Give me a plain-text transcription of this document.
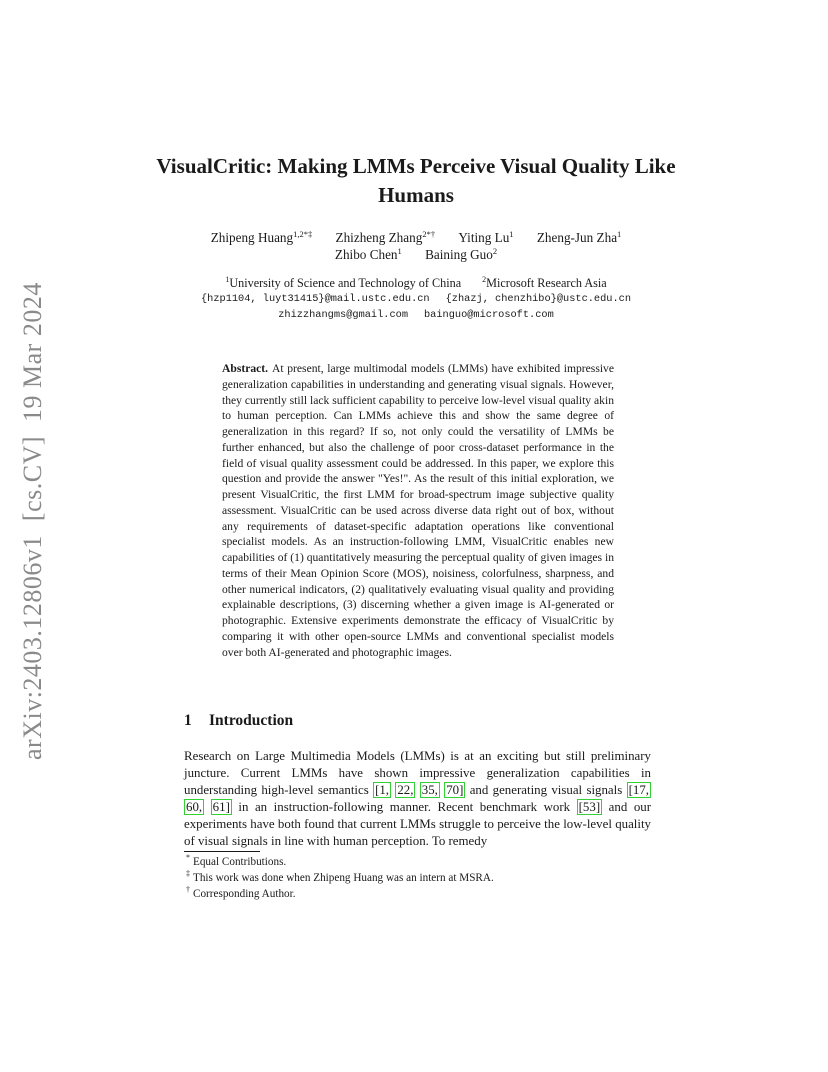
arXiv:2403.12806v1[cs.CV]19 Mar 2024
VisualCritic: Making LMMs Perceive Visual Quality Like Humans
Zhipeng Huang$^{1,2*\ddagger}$ Zhizheng Zhang$^{2*\dagger}$ Yiting Lu$^1$ Zheng-Jun Zha$^1$
Zhibo Chen$^1$ Baining Guo$^2$
$^1$University of Science and Technology of China	$^2$Microsoft Research Asia
{hzp1104, luyt31415}@mail.ustc.edu.cn {zhazj, chenzhibo}@ustc.edu.cn
zhizzhangms@gmail.com bainguo@microsoft.com
Abstract. At present, large multimodal models (LMMs) have exhibited impressive generalization capabilities in understanding and generating visual signals. However, they currently still lack sufficient capability to perceive low-level visual quality akin to human perception. Can LMMs achieve this and show the same degree of generalization in this regard? If so, not only could the versatility of LMMs be further enhanced, but also the challenge of poor cross-dataset performance in the field of visual quality assessment could be addressed. In this paper, we explore this question and provide the answer "Yes!". As the result of this initial exploration, we present VisualCritic, the first LMM for broad-spectrum image subjective quality assessment. VisualCritic can be used across diverse data right out of box, without any requirements of dataset-specific adaptation operations like conventional specialist models. As an instruction-following LMM, VisualCritic enables new capabilities of (1) quantitatively measuring the perceptual quality of given images in terms of their Mean Opinion Score (MOS), noisiness, colorfulness, sharpness, and other numerical indicators, (2) qualitatively evaluating visual quality and providing explainable descriptions, (3) discerning whether a given image is AI-generated or photographic. Extensive experiments demonstrate the efficacy of VisualCritic by comparing it with other open-source LMMs and conventional specialist models over both AI-generated and photographic images.
1 Introduction
Research on Large Multimedia Models (LMMs) is at an exciting but still preliminary juncture. Current LMMs have shown impressive generalization capabilities in understanding high-level semantics [1, 22, 35, 70] and generating visual signals [17, 60, 61] in an instruction-following manner. Recent benchmark work [53] and our experiments have both found that current LMMs struggle to perceive the low-level quality of visual signals in line with human perception. To remedy
* Equal Contributions.
‡ This work was done when Zhipeng Huang was an intern at MSRA.
† Corresponding Author.
